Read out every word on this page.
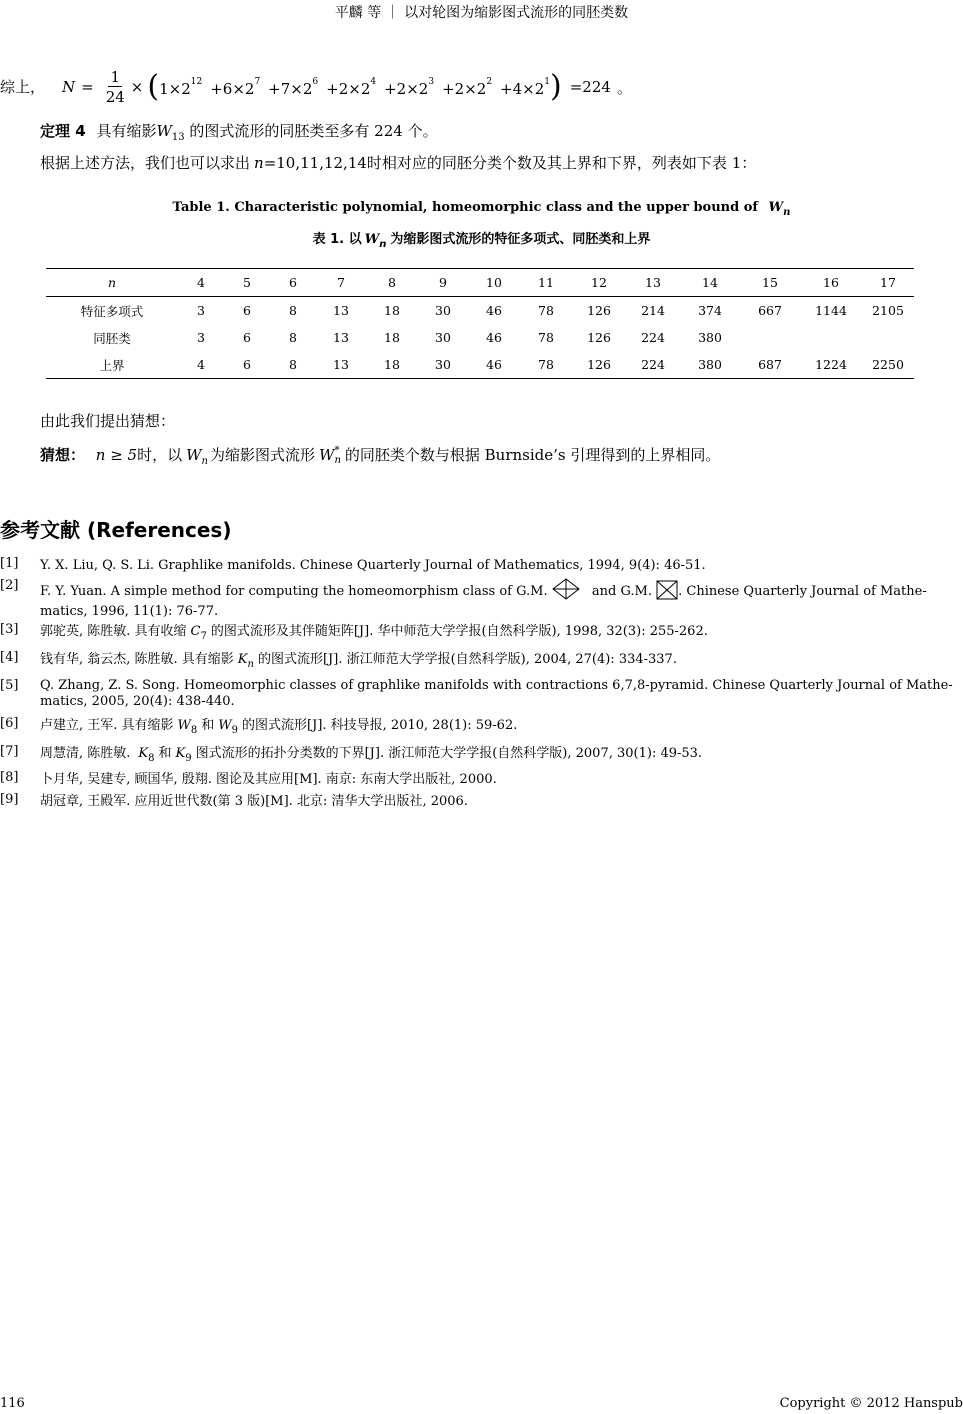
平麟 等 ｜ 以对轮图为缩影图式流形的同胚类数
综上， $N = \frac{1}{24}$ × ( $1\times 2^{12} +6\times 2^7 +7\times 2^6 +2\times 2^4 +2\times 2^3 +2\times 2^2 +4\times 2^1$ ) =224 。
定理 4 具有缩影$W_{13}$ 的图式流形的同胚类至多有 224 个。
根据上述方法，我们也可以求出 n=10,11,12,14时相对应的同胚分类个数及其上界和下界，列表如下表 1：
Table 1. Characteristic polynomial, homeomorphic class and the upper bound of $W_n$
表 1. 以 $W_n$ 为缩影图式流形的特征多项式、同胚类和上界
n	4	5	6	7	8	9	10	11	12	13	14	15	16	17
特征多项式	3	6	8	13	18	30	46	78	126	214	374	667	1144	2105
同胚类	3	6	8	13	18	30	46	78	126	224	380			
上界	4	6	8	13	18	30	46	78	126	224	380	687	1224	2250
由此我们提出猜想：
猜想： n ≥ 5时，以 $W_n$ 为缩影图式流形 W *
n 的同胚类个数与根据 Burnside’s 引理得到的上界相同。
参考文献 (References)
[1] Y. X. Liu, Q. S. Li. Graphlike manifolds. Chinese Quarterly Journal of Mathematics, 1994, 9(4): 46-51.
[2] F. Y. Yuan. A simple method for computing the homeomorphism class of G.M.	and G.M. . Chinese Quarterly Journal of Mathe-
matics, 1996, 11(1): 76-77.
[3] 郭驼英, 陈胜敏. 具有收缩 $C_7$ 的图式流形及其伴随矩阵[J]. 华中师范大学学报(自然科学版), 1998, 32(3): 255-262.
[4] 钱有华, 翁云杰, 陈胜敏. 具有缩影 $K_n$ 的图式流形[J]. 浙江师范大学学报(自然科学版), 2004, 27(4): 334-337.
[5] Q. Zhang, Z. S. Song. Homeomorphic classes of graphlike manifolds with contractions 6,7,8-pyramid. Chinese Quarterly Journal of Mathe-
matics, 2005, 20(4): 438-440.
[6] 卢建立, 王军. 具有缩影 $W_8$ 和 $W_9$ 的图式流形[J]. 科技导报, 2010, 28(1): 59-62.
[7] 周慧清, 陈胜敏. $K_8$ 和 $K_9$ 图式流形的拓扑分类数的下界[J]. 浙江师范大学学报(自然科学版), 2007, 30(1): 49-53.
[8] 卜月华, 吴建专, 顾国华, 殷翔. 图论及其应用[M]. 南京: 东南大学出版社, 2000.
[9] 胡冠章, 王殿军. 应用近世代数(第 3 版)[M]. 北京: 清华大学出版社, 2006.
116	Copyright © 2012 Hanspub
